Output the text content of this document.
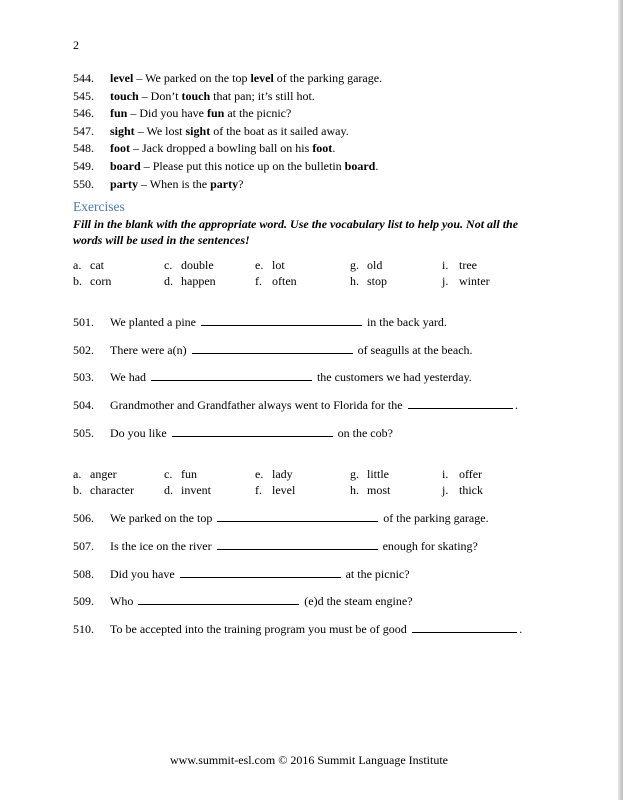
2
544. level – We parked on the top level of the parking garage.
545. touch – Don’t touch that pan; it’s still hot.
546. fun – Did you have fun at the picnic?
547. sight – We lost sight of the boat as it sailed away.
548. foot – Jack dropped a bowling ball on his foot.
549. board – Please put this notice up on the bulletin board.
550. party – When is the party?
Exercises
Fill in the blank with the appropriate word. Use the vocabulary list to help you. Not all the words will be used in the sentences!
a. cat	c. double	e. lot	g. old	i. tree
b. corn	d. happen	f. often	h. stop	j. winter
501. We planted a pine	in the back yard.
502. There were a(n)	of seagulls at the beach.
503. We had	the customers we had yesterday.
504. Grandmother and Grandfather always went to Florida for the	.
505. Do you like	on the cob?
a. anger	c. fun	e. lady	g. little	i. offer
b. character	d. invent	f. level	h. most	j. thick
506. We parked on the top	of the parking garage.
507. Is the ice on the river	enough for skating?
508. Did you have	at the picnic?
509. Who	(e)d the steam engine?
510. To be accepted into the training program you must be of good	.
www.summit-esl.com © 2016 Summit Language Institute
